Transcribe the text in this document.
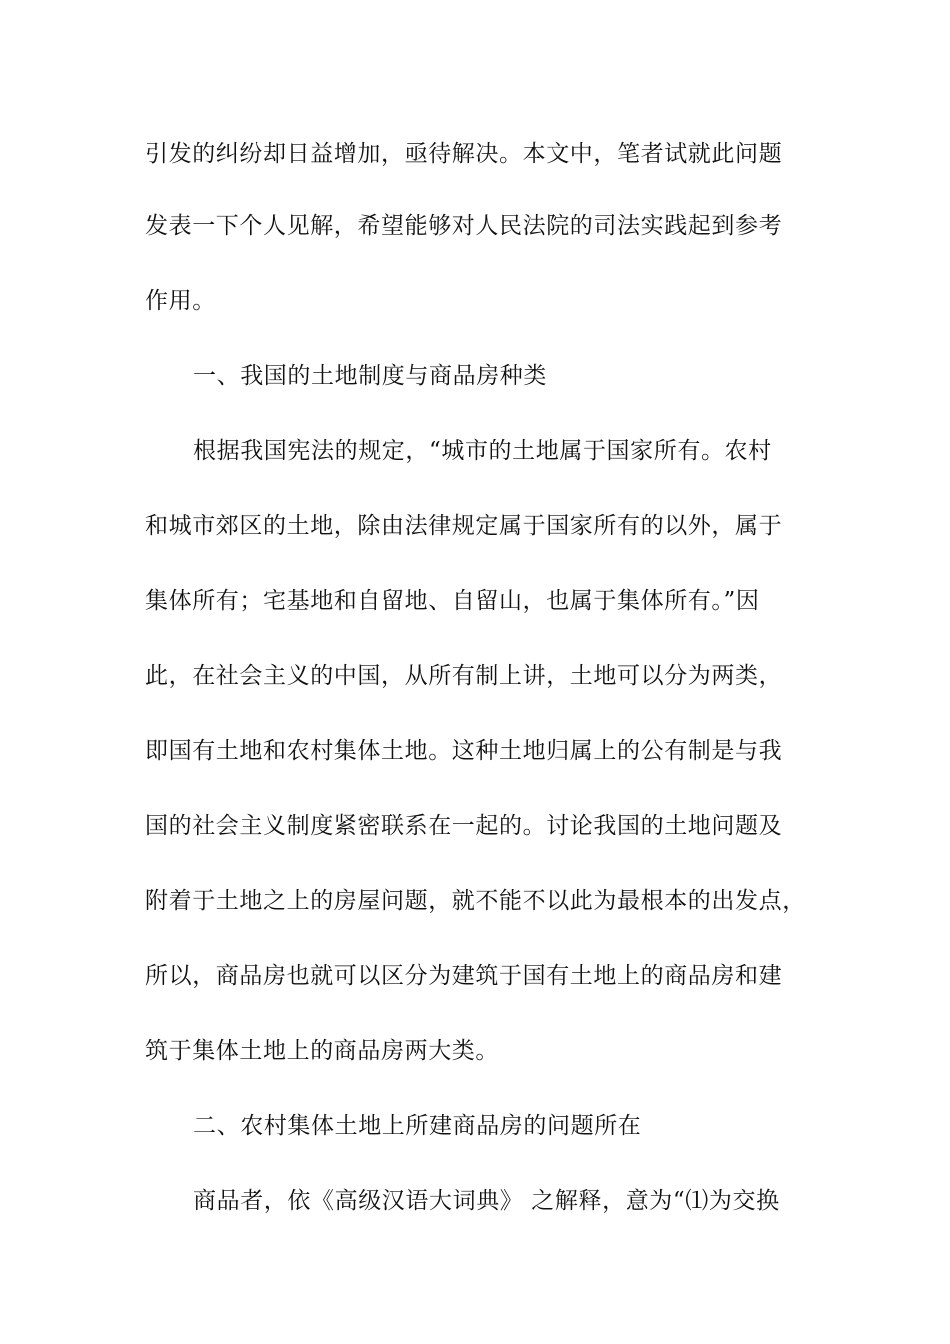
引发的纠纷却日益增加，亟待解决。本文中，笔者试就此问题
发表一下个人见解，希望能够对人民法院的司法实践起到参考
作用。
一、我国的土地制度与商品房种类
根据我国宪法的规定，“城市的土地属于国家所有。农村
和城市郊区的土地，除由法律规定属于国家所有的以外，属于
集体所有；宅基地和自留地、自留山，也属于集体所有。”因
此，在社会主义的中国，从所有制上讲，土地可以分为两类，
即国有土地和农村集体土地。这种土地归属上的公有制是与我
国的社会主义制度紧密联系在一起的。讨论我国的土地问题及
附着于土地之上的房屋问题，就不能不以此为最根本的出发点，
所以，商品房也就可以区分为建筑于国有土地上的商品房和建
筑于集体土地上的商品房两大类。
二、农村集体土地上所建商品房的问题所在
商品者，依《高级汉语大词典》 之解释，意为“⑴为交换
